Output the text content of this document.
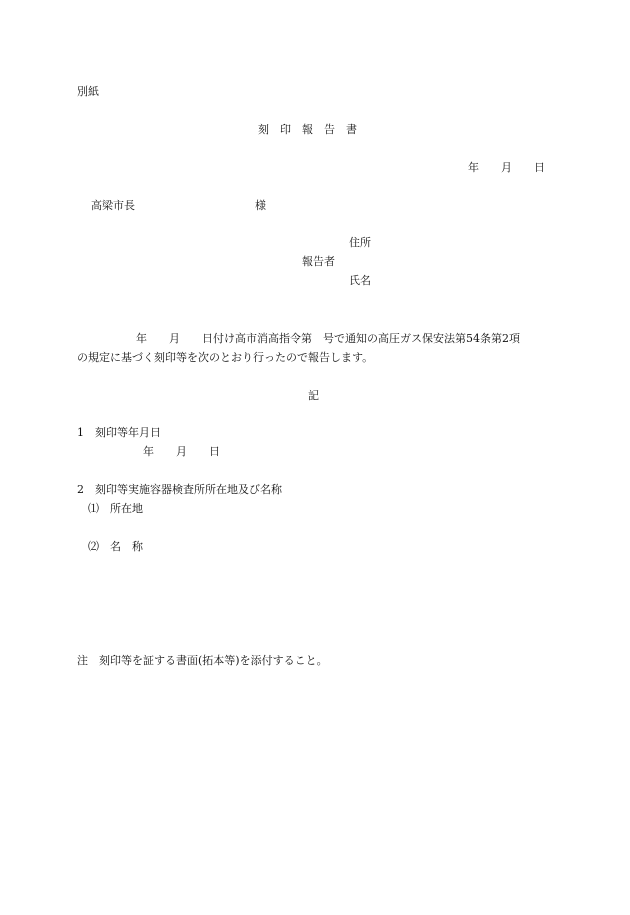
別紙
刻　印　報　告　書
年　　月　　日
高梁市長	様
住所
報告者
氏名
年　　月　　日付け高市消高指令第　号で通知の高圧ガス保安法第54条第2項
の規定に基づく刻印等を次のとおり行ったので報告します。
記
1　刻印等年月日
年　　月　　日
2　刻印等実施容器検査所所在地及び名称
⑴　所在地
⑵　名　称
注　刻印等を証する書面(拓本等)を添付すること。
